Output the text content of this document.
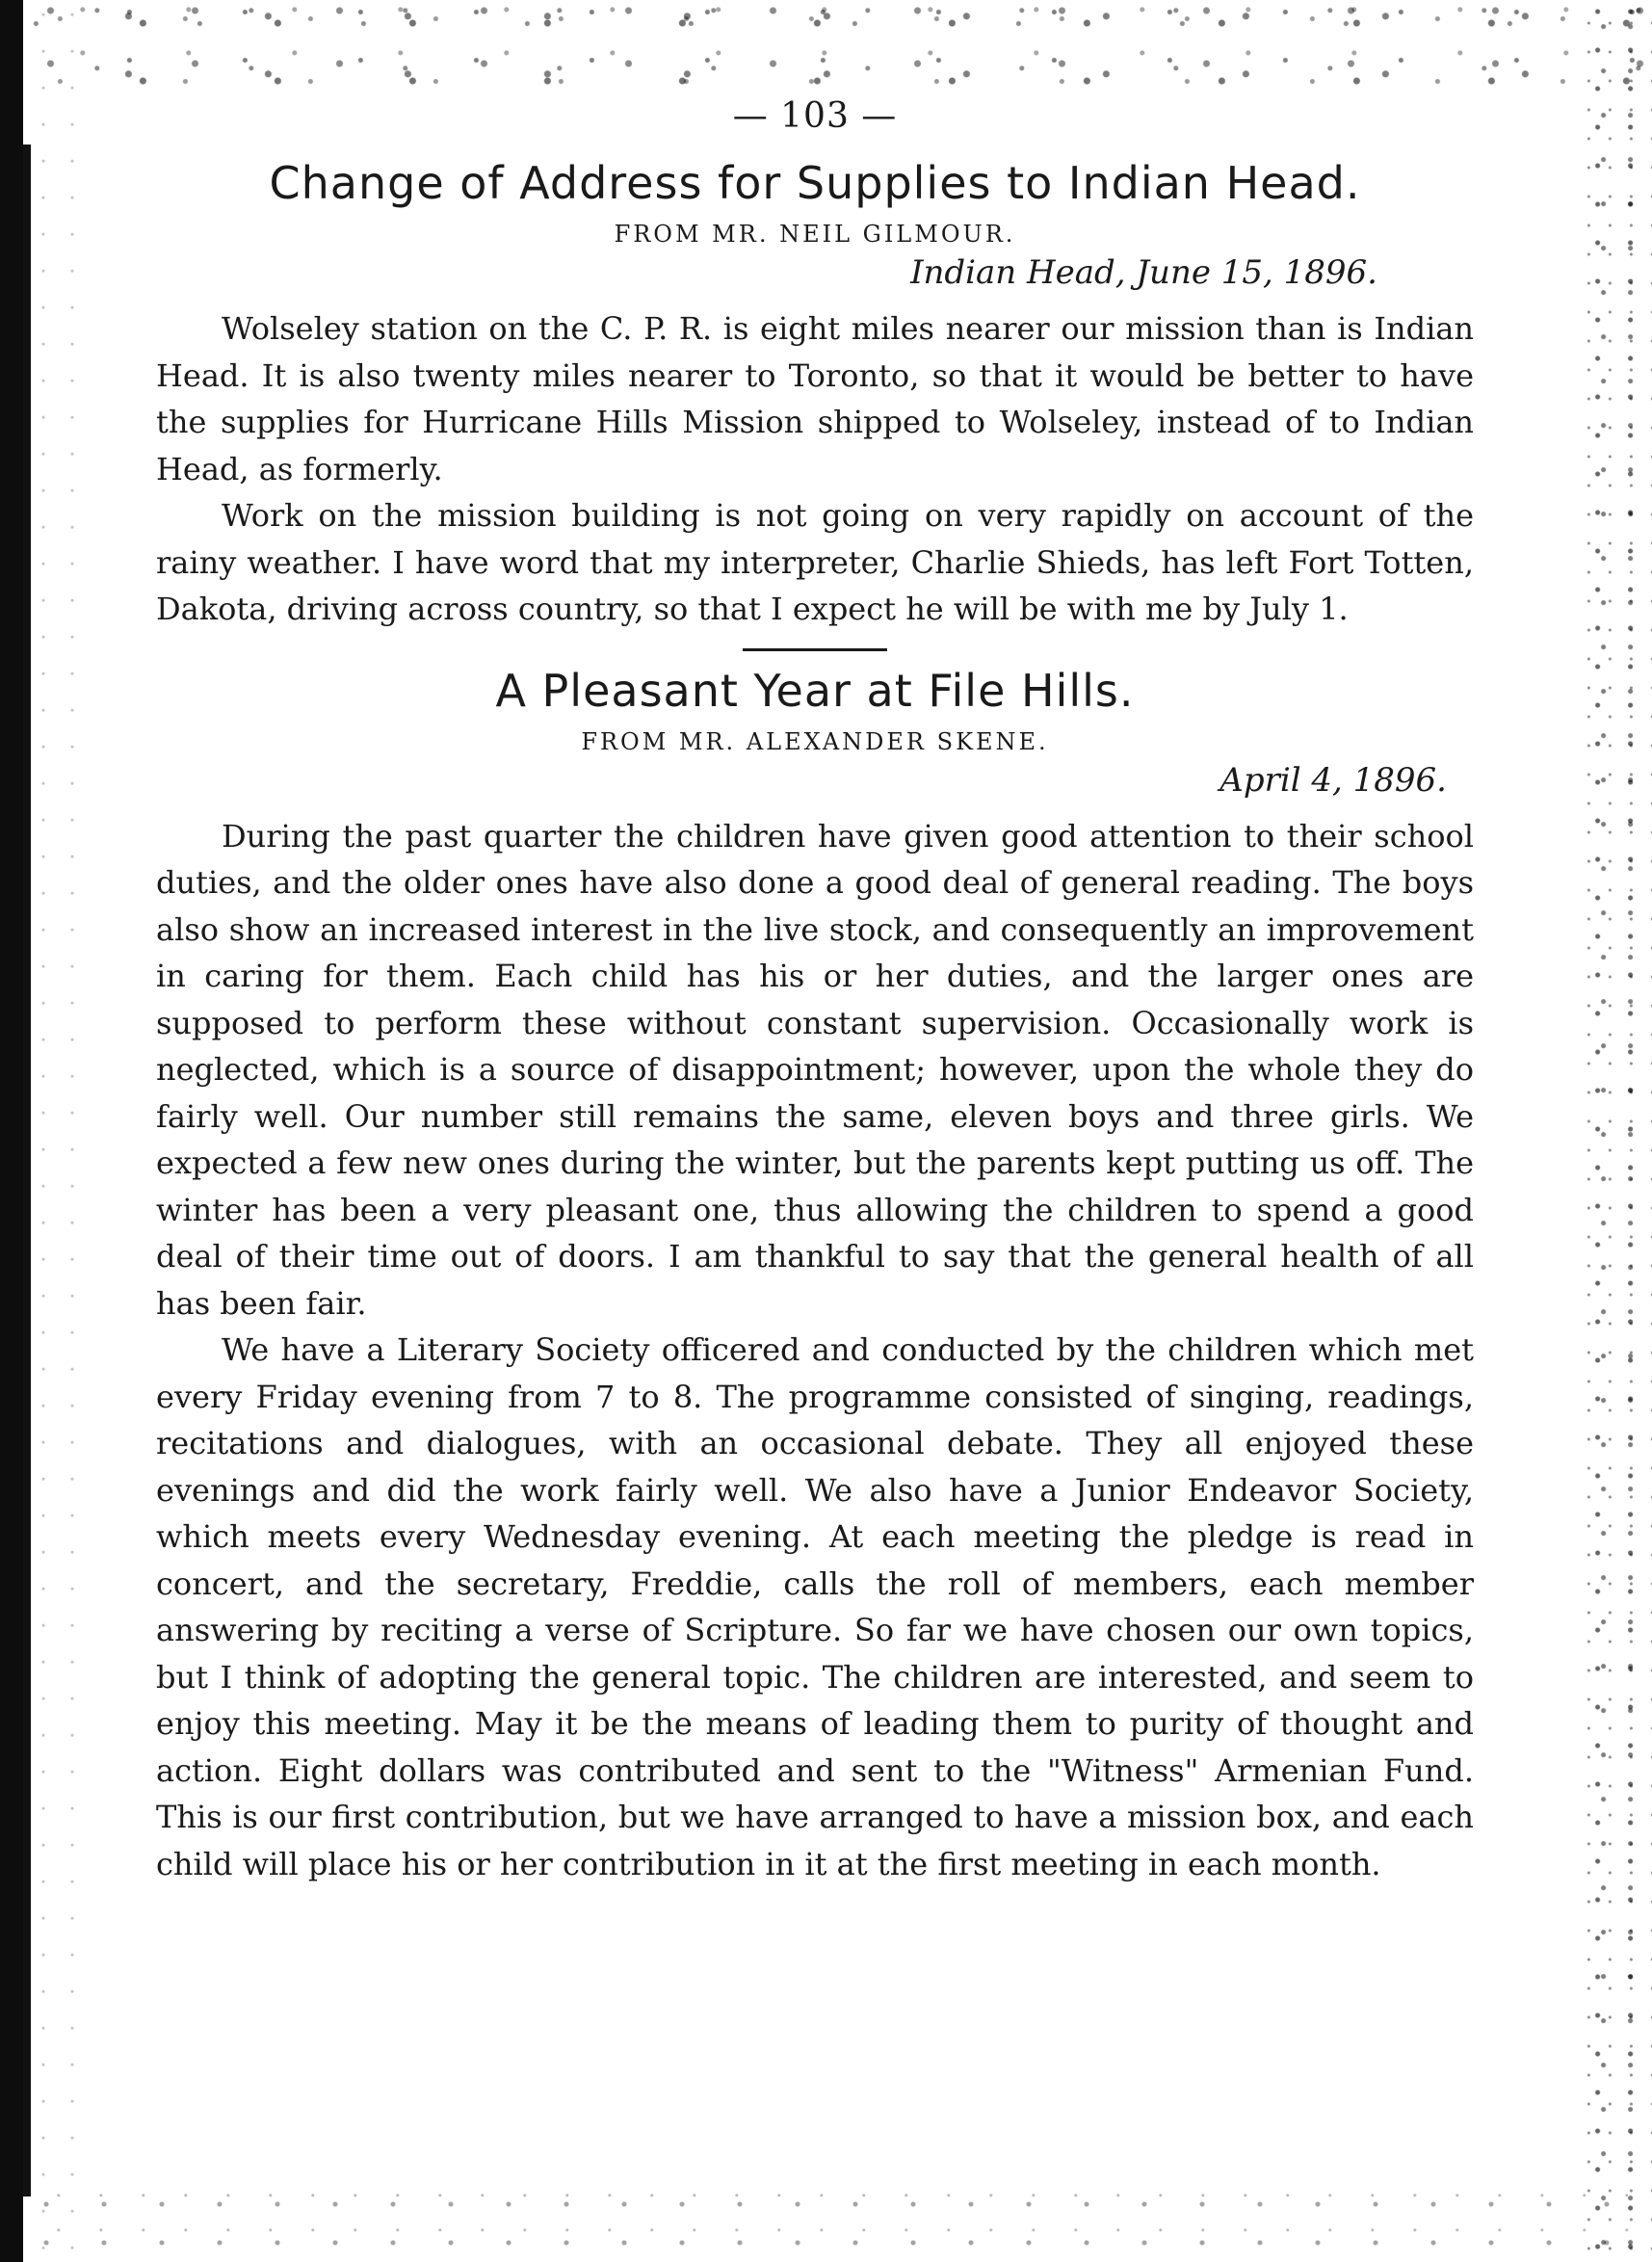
— 103 —
Change of Address for Supplies to Indian Head.
FROM MR. NEIL GILMOUR.
Indian Head, June 15, 1896.

Wolseley station on the C. P. R. is eight miles nearer our mission than is Indian Head. It is also twenty miles nearer to Toronto, so that it would be better to have the supplies for Hurricane Hills Mission shipped to Wolseley, instead of to Indian Head, as formerly.

Work on the mission building is not going on very rapidly on account of the rainy weather. I have word that my interpreter, Charlie Shieds, has left Fort Totten, Dakota, driving across country, so that I expect he will be with me by July 1.

A Pleasant Year at File Hills.
FROM MR. ALEXANDER SKENE.
April 4, 1896.

During the past quarter the children have given good attention to their school duties, and the older ones have also done a good deal of general reading. The boys also show an increased interest in the live stock, and consequently an improvement in caring for them. Each child has his or her duties, and the larger ones are supposed to perform these without constant supervision. Occasionally work is neglected, which is a source of disappointment; however, upon the whole they do fairly well. Our number still remains the same, eleven boys and three girls. We expected a few new ones during the winter, but the parents kept putting us off. The winter has been a very pleasant one, thus allowing the children to spend a good deal of their time out of doors. I am thankful to say that the general health of all has been fair.

We have a Literary Society officered and conducted by the children which met every Friday evening from 7 to 8. The programme consisted of singing, readings, recitations and dialogues, with an occasional debate. They all enjoyed these evenings and did the work fairly well. We also have a Junior Endeavor Society, which meets every Wednesday evening. At each meeting the pledge is read in concert, and the secretary, Freddie, calls the roll of members, each member answering by reciting a verse of Scripture. So far we have chosen our own topics, but I think of adopting the general topic. The children are interested, and seem to enjoy this meeting. May it be the means of leading them to purity of thought and action. Eight dollars was contributed and sent to the "Witness" Armenian Fund. This is our first contribution, but we have arranged to have a mission box, and each child will place his or her contribution in it at the first meeting in each month.
